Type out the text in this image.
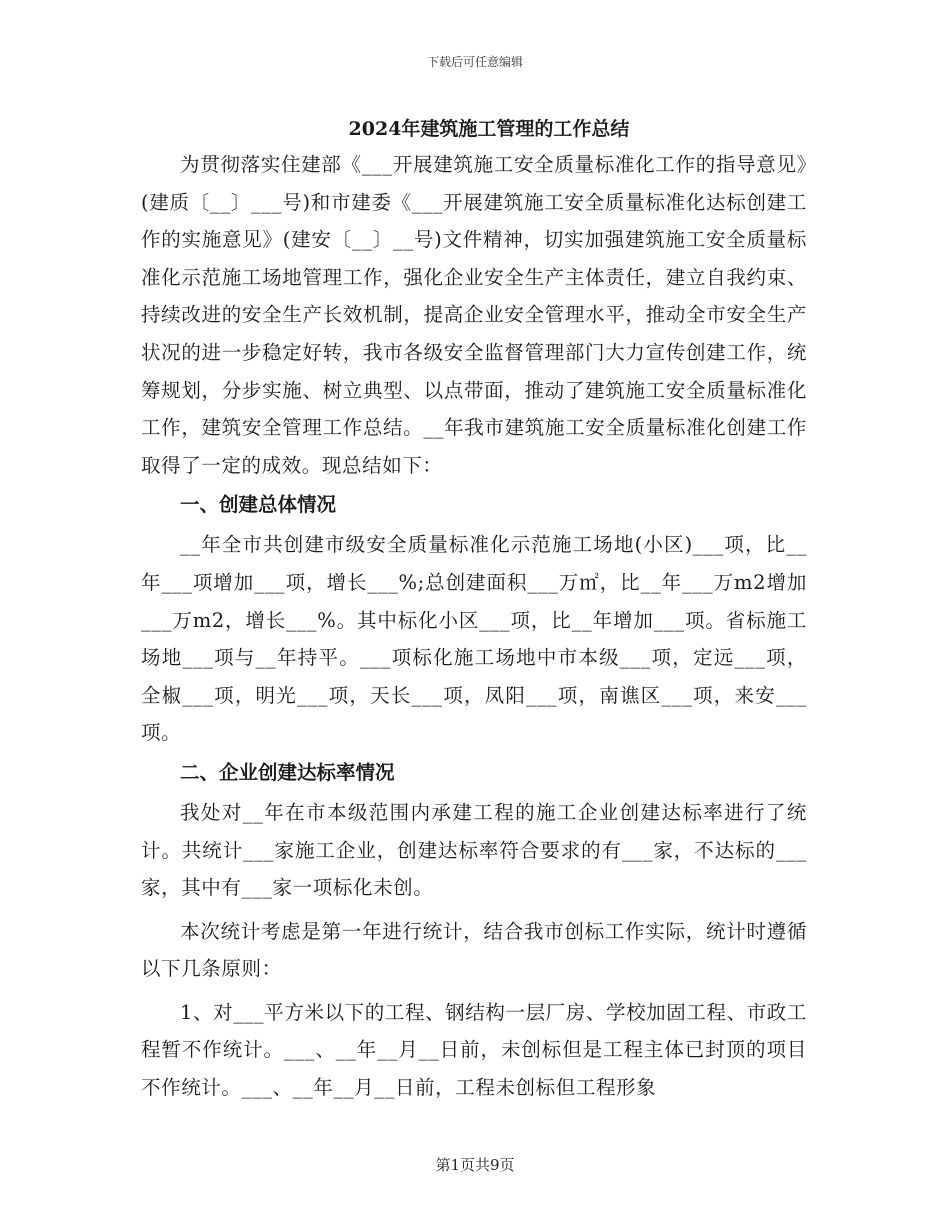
下载后可任意编辑
2024年建筑施工管理的工作总结

为贯彻落实住建部《___开展建筑施工安全质量标准化工作的指导意见》(建质〔__〕___号)和市建委《___开展建筑施工安全质量标准化达标创建工作的实施意见》(建安〔__〕__号)文件精神，切实加强建筑施工安全质量标准化示范施工场地管理工作，强化企业安全生产主体责任，建立自我约束、持续改进的安全生产长效机制，提高企业安全管理水平，推动全市安全生产状况的进一步稳定好转，我市各级安全监督管理部门大力宣传创建工作，统筹规划，分步实施、树立典型、以点带面，推动了建筑施工安全质量标准化工作，建筑安全管理工作总结。__年我市建筑施工安全质量标准化创建工作取得了一定的成效。现总结如下：

一、创建总体情况

__年全市共创建市级安全质量标准化示范施工场地(小区)___项，比__年___项增加___项，增长___%;总创建面积___万㎡，比__年___万m2增加___万m2，增长___%。其中标化小区___项，比__年增加___项。省标施工场地___项与__年持平。___项标化施工场地中市本级___项，定远___项，全椒___项，明光___项，天长___项，凤阳___项，南谯区___项，来安___项。

二、企业创建达标率情况

我处对__年在市本级范围内承建工程的施工企业创建达标率进行了统计。共统计___家施工企业，创建达标率符合要求的有___家，不达标的___家，其中有___家一项标化未创。

本次统计考虑是第一年进行统计，结合我市创标工作实际，统计时遵循以下几条原则：

1、对___平方米以下的工程、钢结构一层厂房、学校加固工程、市政工程暂不作统计。___、__年__月__日前，未创标但是工程主体已封顶的项目不作统计。___、__年__月__日前，工程未创标但工程形象

第1页共9页
